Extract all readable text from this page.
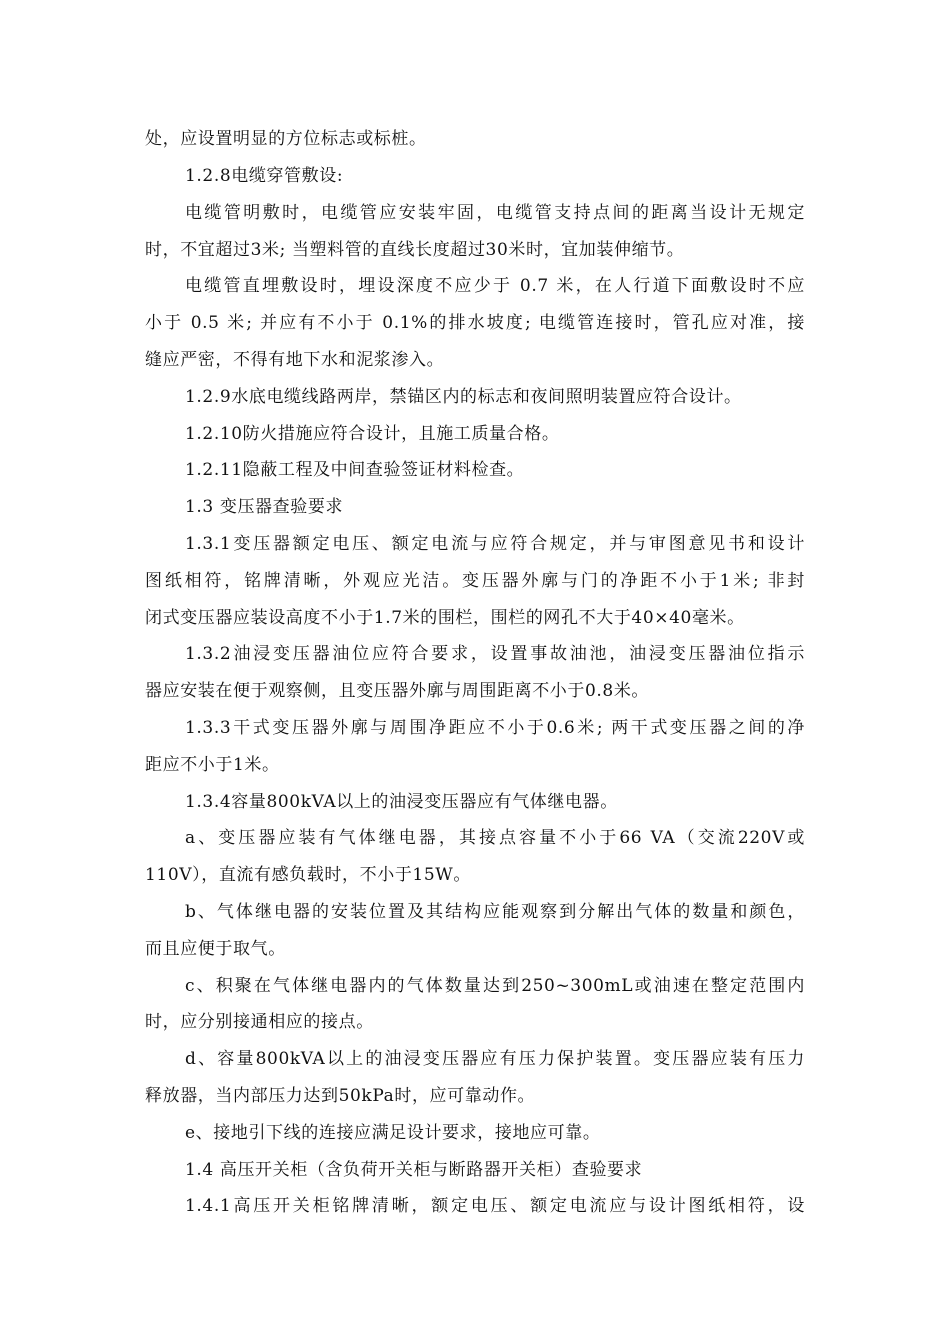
处，应设置明显的方位标志或标桩。
1.2.8电缆穿管敷设:
电缆管明敷时，电缆管应安装牢固，电缆管支持点间的距离当设计无规定
时，不宜超过3米; 当塑料管的直线长度超过30米时，宜加装伸缩节。
电缆管直埋敷设时，埋设深度不应少于 0.7 米，在人行道下面敷设时不应
小于 0.5 米; 并应有不小于 0.1%的排水坡度; 电缆管连接时，管孔应对准，接
缝应严密，不得有地下水和泥浆渗入。
1.2.9水底电缆线路两岸，禁锚区内的标志和夜间照明装置应符合设计。
1.2.10防火措施应符合设计，且施工质量合格。
1.2.11隐蔽工程及中间查验签证材料检查。
1.3 变压器查验要求
1.3.1变压器额定电压、额定电流与应符合规定，并与审图意见书和设计
图纸相符，铭牌清晰，外观应光洁。变压器外廓与门的净距不小于1米; 非封
闭式变压器应装设高度不小于1.7米的围栏，围栏的网孔不大于40×40毫米。
1.3.2油浸变压器油位应符合要求，设置事故油池，油浸变压器油位指示
器应安装在便于观察侧，且变压器外廓与周围距离不小于0.8米。
1.3.3干式变压器外廓与周围净距应不小于0.6米; 两干式变压器之间的净
距应不小于1米。
1.3.4容量800kVA以上的油浸变压器应有气体继电器。
a、变压器应装有气体继电器，其接点容量不小于66 VA（交流220V或
110V），直流有感负载时，不小于15W。
b、气体继电器的安装位置及其结构应能观察到分解出气体的数量和颜色，
而且应便于取气。
c、积聚在气体继电器内的气体数量达到250~300mL或油速在整定范围内
时，应分别接通相应的接点。
d、容量800kVA以上的油浸变压器应有压力保护装置。变压器应装有压力
释放器，当内部压力达到50kPa时，应可靠动作。
e、接地引下线的连接应满足设计要求，接地应可靠。
1.4 高压开关柜（含负荷开关柜与断路器开关柜）查验要求
1.4.1高压开关柜铭牌清晰，额定电压、额定电流应与设计图纸相符，设
